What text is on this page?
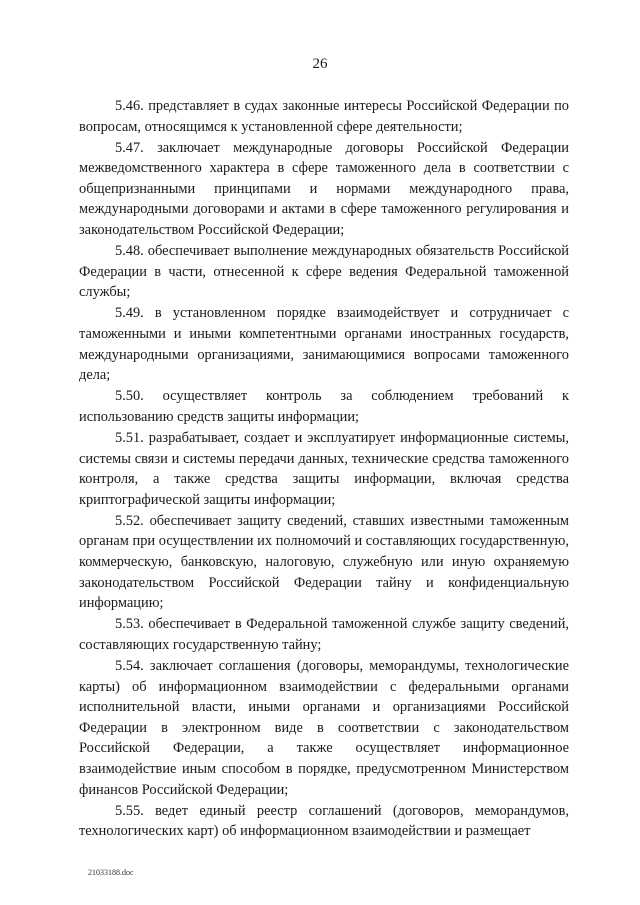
26

5.46. представляет в судах законные интересы Российской Федерации по вопросам, относящимся к установленной сфере деятельности;

5.47. заключает международные договоры Российской Федерации межведомственного характера в сфере таможенного дела в соответствии с общепризнанными принципами и нормами международного права, международными договорами и актами в сфере таможенного регулирования и законодательством Российской Федерации;

5.48. обеспечивает выполнение международных обязательств Российской Федерации в части, отнесенной к сфере ведения Федеральной таможенной службы;

5.49. в установленном порядке взаимодействует и сотрудничает с таможенными и иными компетентными органами иностранных государств, международными организациями, занимающимися вопросами таможенного дела;

5.50. осуществляет контроль за соблюдением требований к использованию средств защиты информации;

5.51. разрабатывает, создает и эксплуатирует информационные системы, системы связи и системы передачи данных, технические средства таможенного контроля, а также средства защиты информации, включая средства криптографической защиты информации;

5.52. обеспечивает защиту сведений, ставших известными таможенным органам при осуществлении их полномочий и составляющих государственную, коммерческую, банковскую, налоговую, служебную или иную охраняемую законодательством Российской Федерации тайну и конфиденциальную информацию;

5.53. обеспечивает в Федеральной таможенной службе защиту сведений, составляющих государственную тайну;

5.54. заключает соглашения (договоры, меморандумы, технологические карты) об информационном взаимодействии с федеральными органами исполнительной власти, иными органами и организациями Российской Федерации в электронном виде в соответствии с законодательством Российской Федерации, а также осуществляет информационное взаимодействие иным способом в порядке, предусмотренном Министерством финансов Российской Федерации;

5.55. ведет единый реестр соглашений (договоров, меморандумов, технологических карт) об информационном взаимодействии и размещает

21033188.doc
